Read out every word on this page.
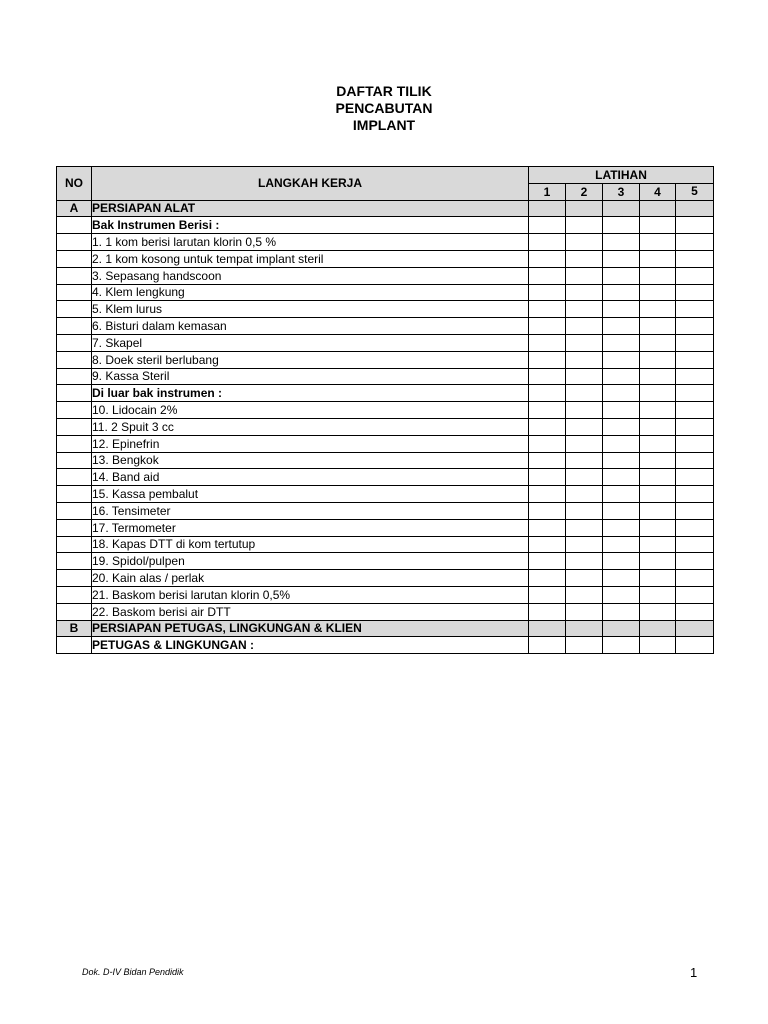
DAFTAR TILIK
PENCABUTAN
IMPLANT
NO	LANGKAH KERJA	LATIHAN				
		1	2	3	4	5
A	PERSIAPAN ALAT					
	Bak Instrumen Berisi :					
	1. 1 kom berisi larutan klorin 0,5 %					
	2. 1 kom kosong untuk tempat implant steril					
	3. Sepasang handscoon					
	4. Klem lengkung					
	5. Klem lurus					
	6. Bisturi dalam kemasan					
	7. Skapel					
	8. Doek steril berlubang					
	9. Kassa Steril					
	Di luar bak instrumen :					
	10. Lidocain 2%					
	11. 2 Spuit 3 cc					
	12. Epinefrin					
	13. Bengkok					
	14. Band aid					
	15. Kassa pembalut					
	16. Tensimeter					
	17. Termometer					
	18. Kapas DTT di kom tertutup					
	19. Spidol/pulpen					
	20. Kain alas / perlak					
	21. Baskom berisi larutan klorin 0,5%					
	22. Baskom berisi air DTT					
B	PERSIAPAN PETUGAS, LINGKUNGAN & KLIEN					
	PETUGAS & LINGKUNGAN :					
Dok. D-IV Bidan Pendidik	1
